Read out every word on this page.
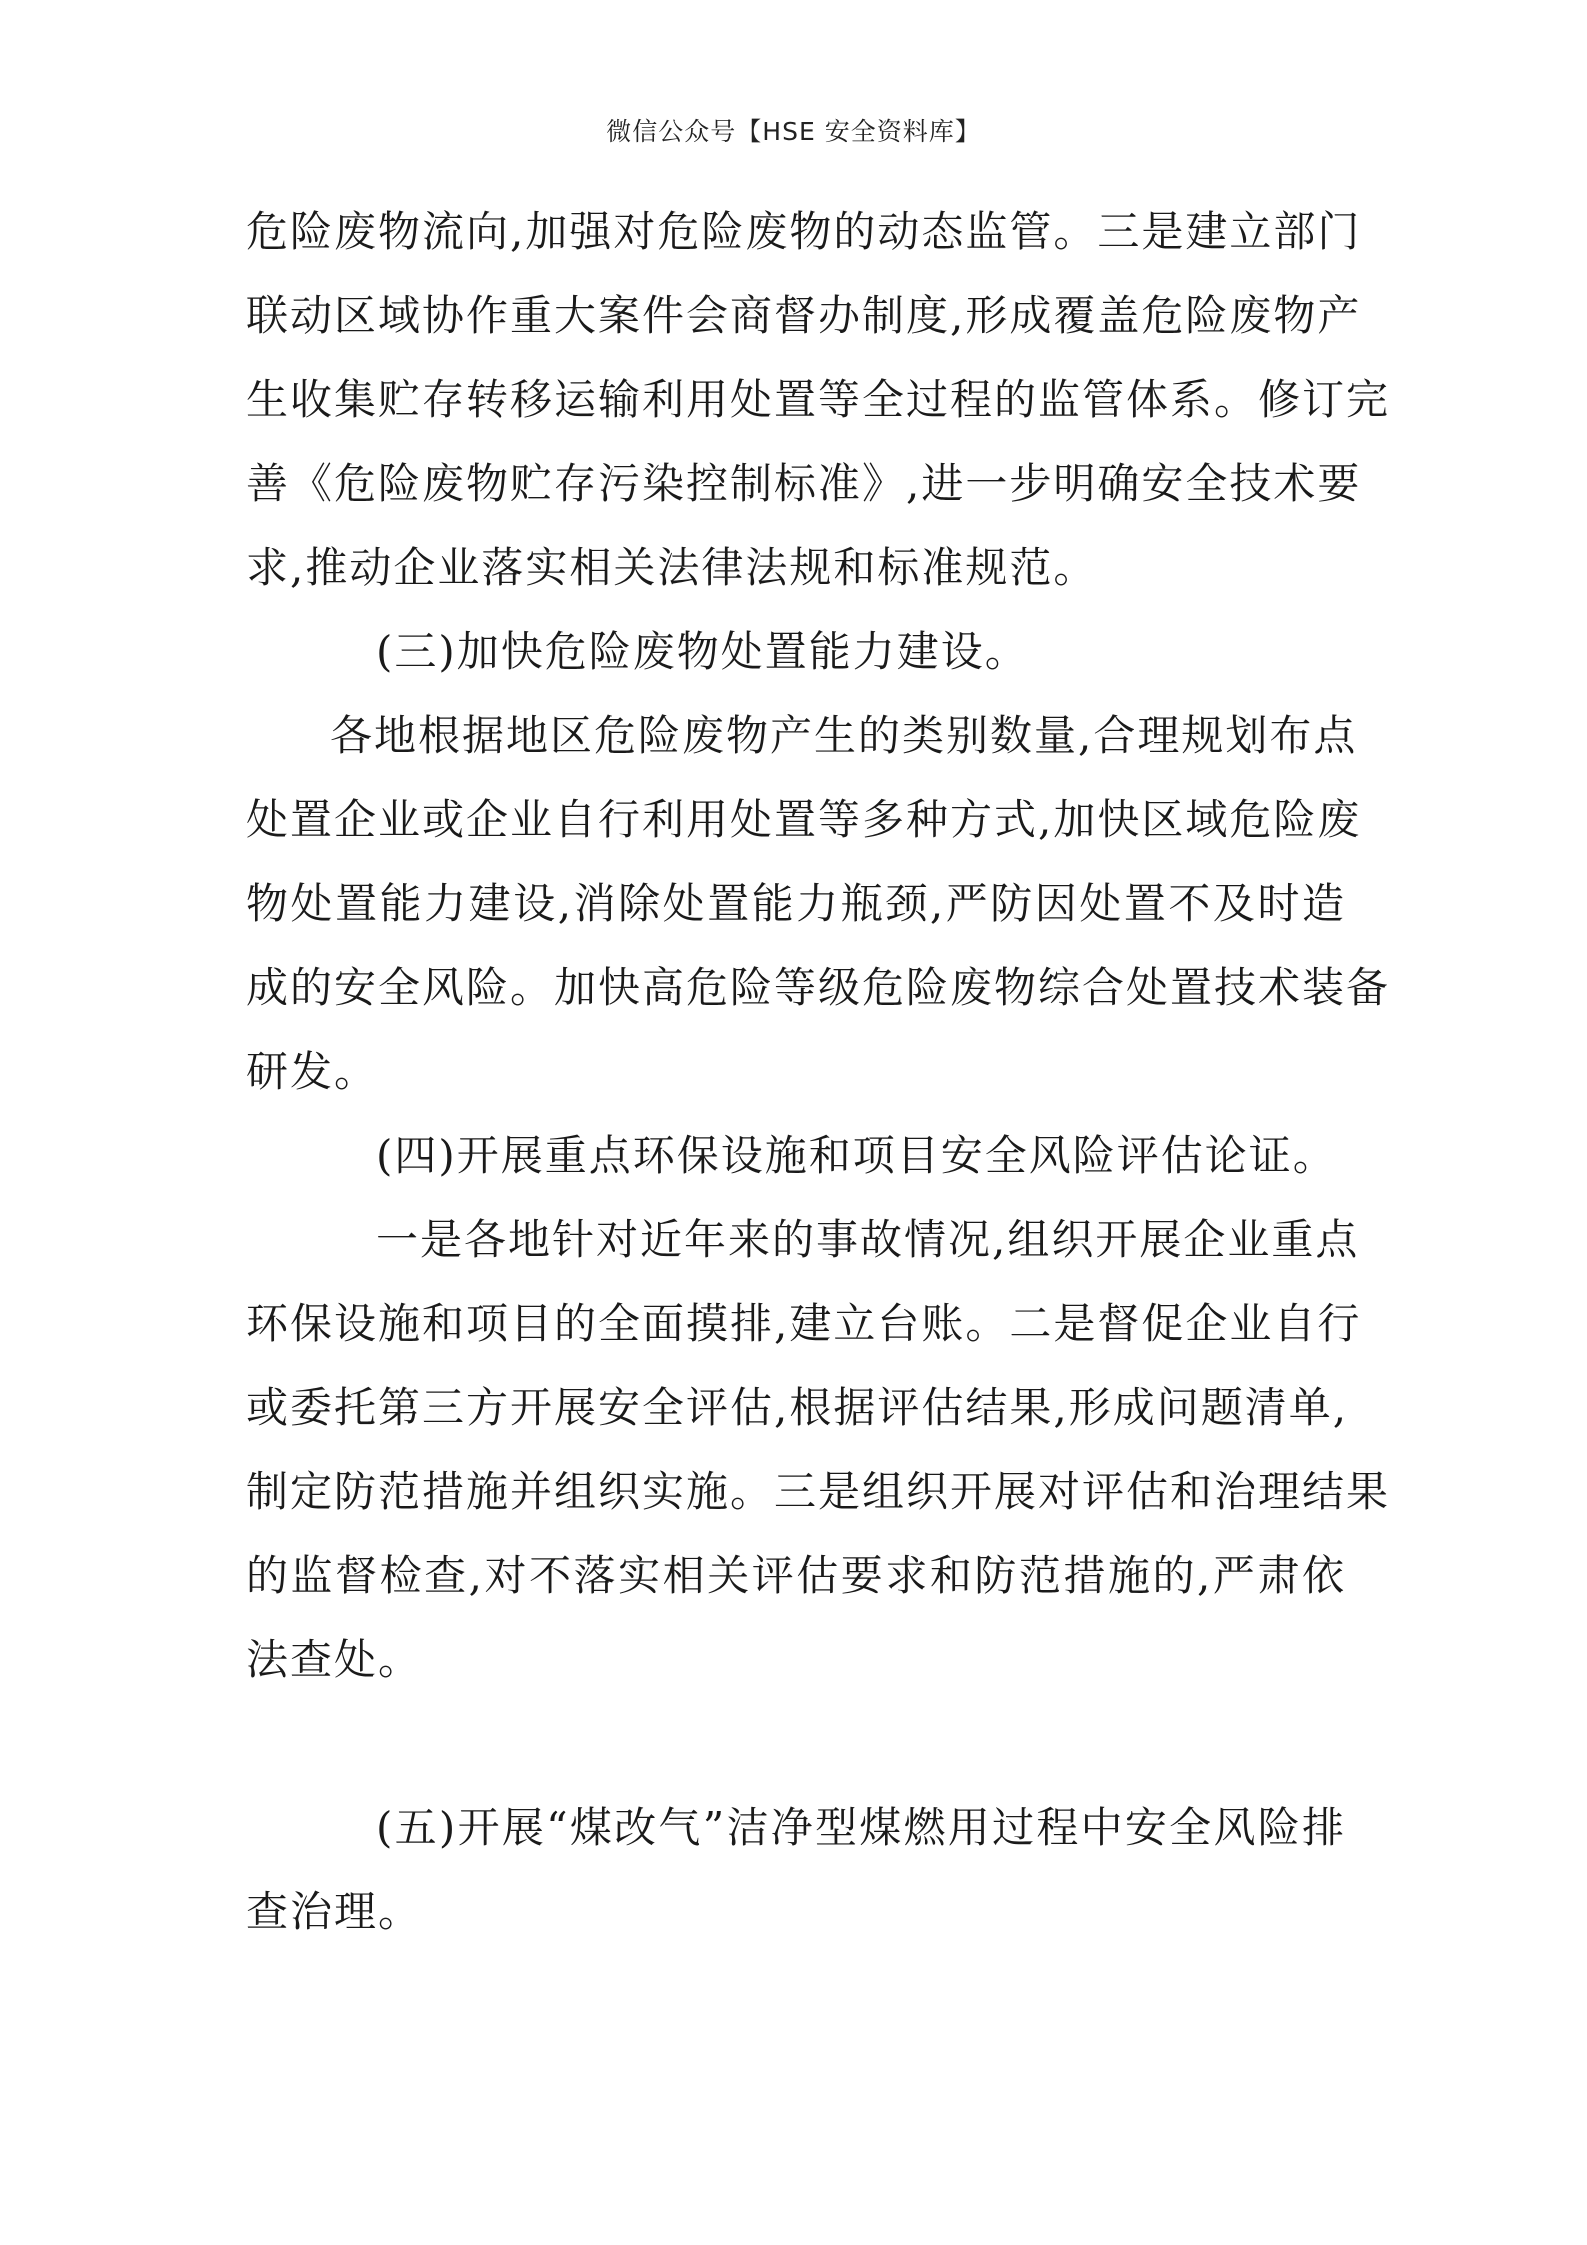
微信公众号【HSE 安全资料库】
危险废物流向,加强对危险废物的动态监管。三是建立部门
联动区域协作重大案件会商督办制度,形成覆盖危险废物产
生收集贮存转移运输利用处置等全过程的监管体系。修订完
善《危险废物贮存污染控制标准》,进一步明确安全技术要
求,推动企业落实相关法律法规和标准规范。
(三)加快危险废物处置能力建设。
各地根据地区危险废物产生的类别数量,合理规划布点
处置企业或企业自行利用处置等多种方式,加快区域危险废
物处置能力建设,消除处置能力瓶颈,严防因处置不及时造
成的安全风险。加快高危险等级危险废物综合处置技术装备
研发。
(四)开展重点环保设施和项目安全风险评估论证。
一是各地针对近年来的事故情况,组织开展企业重点
环保设施和项目的全面摸排,建立台账。二是督促企业自行
或委托第三方开展安全评估,根据评估结果,形成问题清单,
制定防范措施并组织实施。三是组织开展对评估和治理结果
的监督检查,对不落实相关评估要求和防范措施的,严肃依
法查处。
(五)开展“煤改气”洁净型煤燃用过程中安全风险排
查治理。
